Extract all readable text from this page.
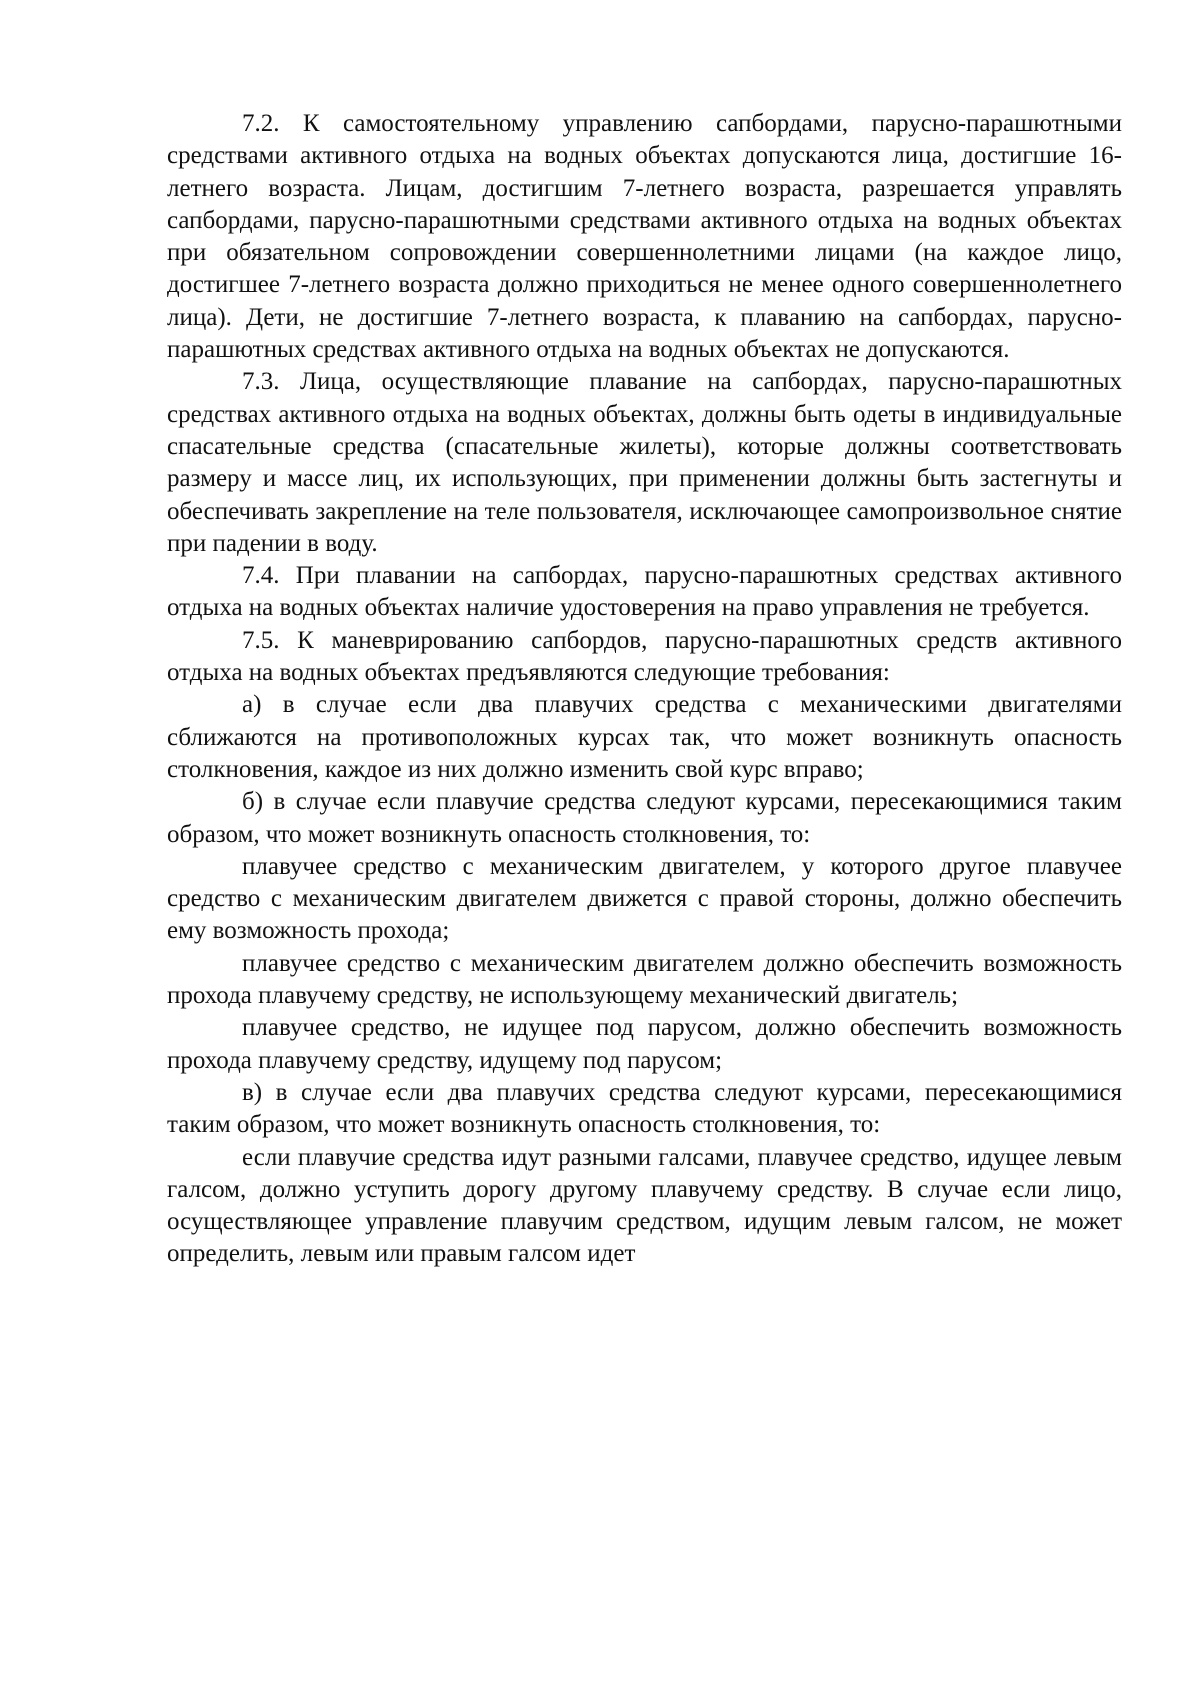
7.2. К самостоятельному управлению сапбордами, парусно-парашютными средствами активного отдыха на водных объектах допускаются лица, достигшие 16-летнего возраста. Лицам, достигшим 7-летнего возраста, разрешается управлять сапбордами, парусно-парашютными средствами активного отдыха на водных объектах при обязательном сопровождении совершеннолетними лицами (на каждое лицо, достигшее 7-летнего возраста должно приходиться не менее одного совершеннолетнего лица). Дети, не достигшие 7-летнего возраста, к плаванию на сапбордах, парусно-парашютных средствах активного отдыха на водных объектах не допускаются.

7.3. Лица, осуществляющие плавание на сапбордах, парусно-парашютных средствах активного отдыха на водных объектах, должны быть одеты в индивидуальные спасательные средства (спасательные жилеты), которые должны соответствовать размеру и массе лиц, их использующих, при применении должны быть застегнуты и обеспечивать закрепление на теле пользователя, исключающее самопроизвольное снятие при падении в воду.

7.4. При плавании на сапбордах, парусно-парашютных средствах активного отдыха на водных объектах наличие удостоверения на право управления не требуется.

7.5. К маневрированию сапбордов, парусно-парашютных средств активного отдыха на водных объектах предъявляются следующие требования:

а) в случае если два плавучих средства с механическими двигателями сближаются на противоположных курсах так, что может возникнуть опасность столкновения, каждое из них должно изменить свой курс вправо;

б) в случае если плавучие средства следуют курсами, пересекающимися таким образом, что может возникнуть опасность столкновения, то:

плавучее средство с механическим двигателем, у которого другое плавучее средство с механическим двигателем движется с правой стороны, должно обеспечить ему возможность прохода;

плавучее средство с механическим двигателем должно обеспечить возможность прохода плавучему средству, не использующему механический двигатель;

плавучее средство, не идущее под парусом, должно обеспечить возможность прохода плавучему средству, идущему под парусом;

в) в случае если два плавучих средства следуют курсами, пересекающимися таким образом, что может возникнуть опасность столкновения, то:

если плавучие средства идут разными галсами, плавучее средство, идущее левым галсом, должно уступить дорогу другому плавучему средству. В случае если лицо, осуществляющее управление плавучим средством, идущим левым галсом, не может определить, левым или правым галсом идет
